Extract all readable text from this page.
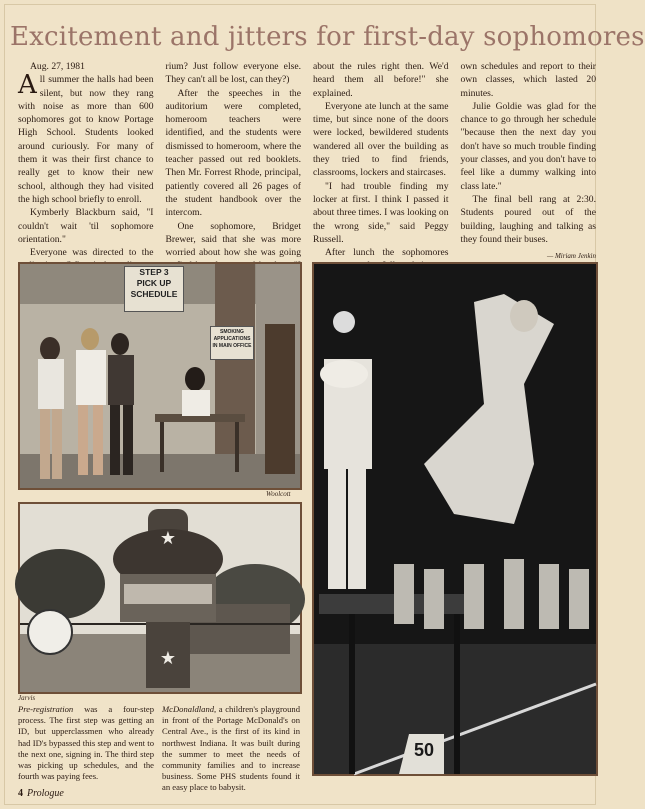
Excitement and jitters for first-day sophomores

Aug. 27, 1981

All summer the halls had been silent, but now they rang with noise as more than 600 sophomores got to know Portage High School. Students looked around curiously. For many of them it was their first chance to really get to know their new school, although they had visited the high school briefly to enroll.

Kymberly Blackburn said, "I couldn't wait 'til sophomore orientation."

Everyone was directed to the

rium? Just follow everyone else. They can't all be lost, can they?)

After the speeches in the auditorium were completed, homeroom teachers were identified, and the students were dismissed to homeroom, where the teacher passed out red booklets. Then Mr. Forrest Rhode, principal, patiently covered all 26 pages of the student handbook over the intercom.

One sophomore, Bridget Brewer, said that she was more worried about how she was going

about the rules right then. We'd heard them all before!" she explained.

Everyone ate lunch at the same time, but since none of the doors were locked, bewildered students wandered all over the building as they tried to find friends, classrooms, lockers and staircases.

"I had trouble finding my locker at first. I think I passed it about three times. I was looking on the wrong side," said Peggy Russell.

After lunch the sophomores

own schedules and report to their own classes, which lasted 20 minutes.

Julie Goldie was glad for the chance to go through her schedule "because then the next day you don't have so much trouble finding your classes, and you don't have to feel like a dummy walking into class late."

The final bell rang at 2:30. Students poured out of the building, laughing and talking as they found their buses.

— Miriam Jenkin
STEP 3
PICK UP
SCHEDULE
SMOKING APPLICATIONS IN MAIN OFFICE
Woolcott
★
★
Jarvis
50
Pre-registration was a four-step process. The first step was getting an ID, but upperclassmen who already had ID's bypassed this step and went to the next one, signing in. The third step was picking up schedules, and the fourth was paying fees.
McDonaldland, a children's playground in front of the Portage McDonald's on Central Ave., is the first of its kind in northwest Indiana. It was built during the summer to meet the needs of community families and to increase business. Some PHS students found it an easy place to babysit.
4 Prologue
